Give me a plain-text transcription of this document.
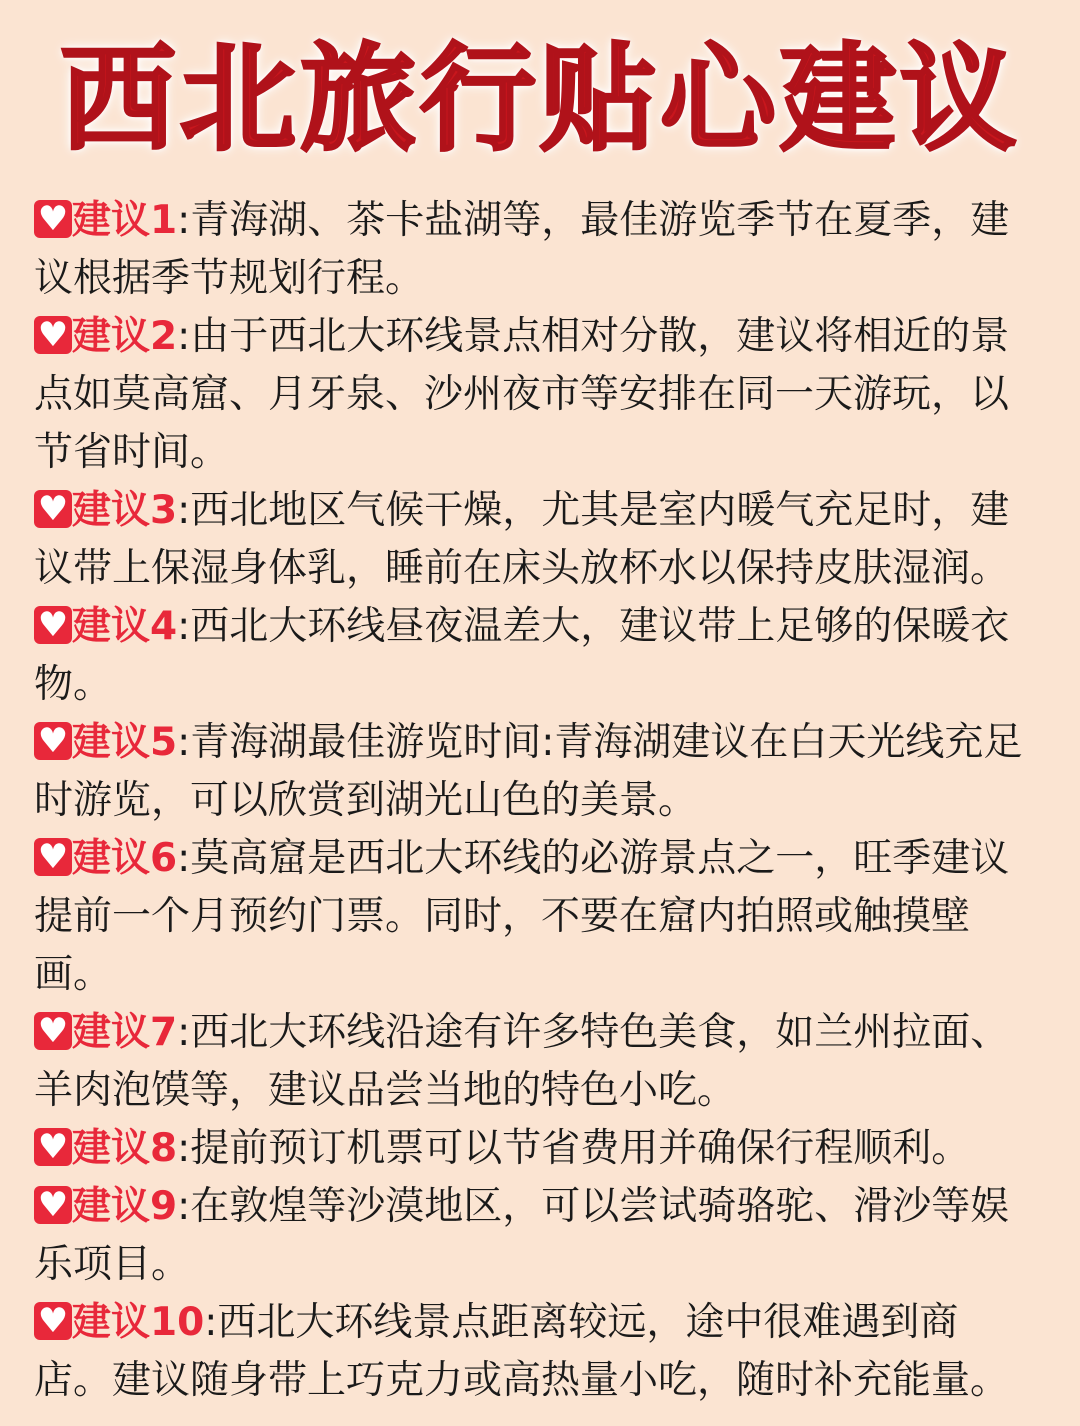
西北旅行贴心建议
♥建议1:青海湖、茶卡盐湖等，最佳游览季节在夏季，建议根据季节规划行程。
♥建议2:由于西北大环线景点相对分散，建议将相近的景点如莫高窟、月牙泉、沙州夜市等安排在同一天游玩，以节省时间。
♥建议3:西北地区气候干燥，尤其是室内暖气充足时，建议带上保湿身体乳，睡前在床头放杯水以保持皮肤湿润。
♥建议4:西北大环线昼夜温差大，建议带上足够的保暖衣物。
♥建议5:青海湖最佳游览时间:青海湖建议在白天光线充足时游览，可以欣赏到湖光山色的美景。
♥建议6:莫高窟是西北大环线的必游景点之一，旺季建议提前一个月预约门票。同时，不要在窟内拍照或触摸壁画。
♥建议7:西北大环线沿途有许多特色美食，如兰州拉面、羊肉泡馍等，建议品尝当地的特色小吃。
♥建议8:提前预订机票可以节省费用并确保行程顺利。
♥建议9:在敦煌等沙漠地区，可以尝试骑骆驼、滑沙等娱乐项目。
♥建议10:西北大环线景点距离较远，途中很难遇到商店。建议随身带上巧克力或高热量小吃，随时补充能量。
